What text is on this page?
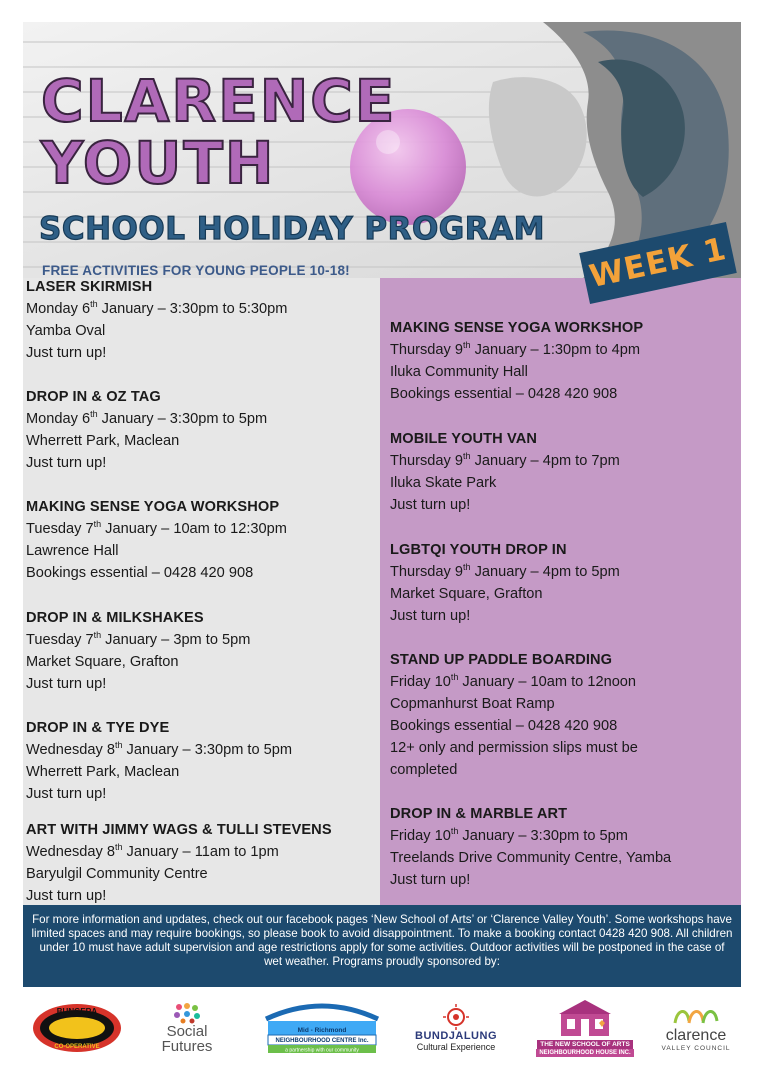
CLARENCE
YOUTH
SCHOOL HOLIDAY PROGRAM
FREE ACTIVITIES FOR YOUNG PEOPLE 10-18!	WEEK 1
LASER SKIRMISH
Monday 6th January – 3:30pm to 5:30pm
Yamba Oval
Just turn up!
DROP IN & OZ TAG
Monday 6th January – 3:30pm to 5pm
Wherrett Park, Maclean
Just turn up!
MAKING SENSE YOGA WORKSHOP
Tuesday 7th January – 10am to 12:30pm
Lawrence Hall
Bookings essential – 0428 420 908
DROP IN & MILKSHAKES
Tuesday 7th January – 3pm to 5pm
Market Square, Grafton
Just turn up!
DROP IN & TYE DYE
Wednesday 8th January – 3:30pm to 5pm
Wherrett Park, Maclean
Just turn up!
ART WITH JIMMY WAGS & TULLI STEVENS
Wednesday 8th January – 11am to 1pm
Baryulgil Community Centre
Just turn up!
MAKING SENSE YOGA WORKSHOP
Thursday 9th January – 1:30pm to 4pm
Iluka Community Hall
Bookings essential – 0428 420 908
MOBILE YOUTH VAN
Thursday 9th January – 4pm to 7pm
Iluka Skate Park
Just turn up!
LGBTQI YOUTH DROP IN
Thursday 9th January – 4pm to 5pm
Market Square, Grafton
Just turn up!
STAND UP PADDLE BOARDING
Friday 10th January – 10am to 12noon
Copmanhurst Boat Ramp
Bookings essential – 0428 420 908
12+ only and permission slips must be
completed
DROP IN & MARBLE ART
Friday 10th January – 3:30pm to 5pm
Treelands Drive Community Centre, Yamba
Just turn up!

For more information and updates, check out our facebook pages ‘New School of Arts’ or ‘Clarence Valley Youth’. Some workshops have limited spaces and may require bookings, so please book to avoid disappointment. To make a booking contact 0428 420 908. All children under 10 must have adult supervision and age restrictions apply for some activities. Outdoor activities will be postponed in the case of wet weather. Programs proudly sponsored by:

BUNGERA
CO-OPERATIVE
Social
Futures
Mid - Richmond
NEIGHBOURHOOD CENTRE Inc.
a partnership with our community
BUNDJALUNG
Cultural Experience	THE NEW SCHOOL OF ARTS
NEIGHBOURHOOD HOUSE INC.
clarence
VALLEY COUNCIL
